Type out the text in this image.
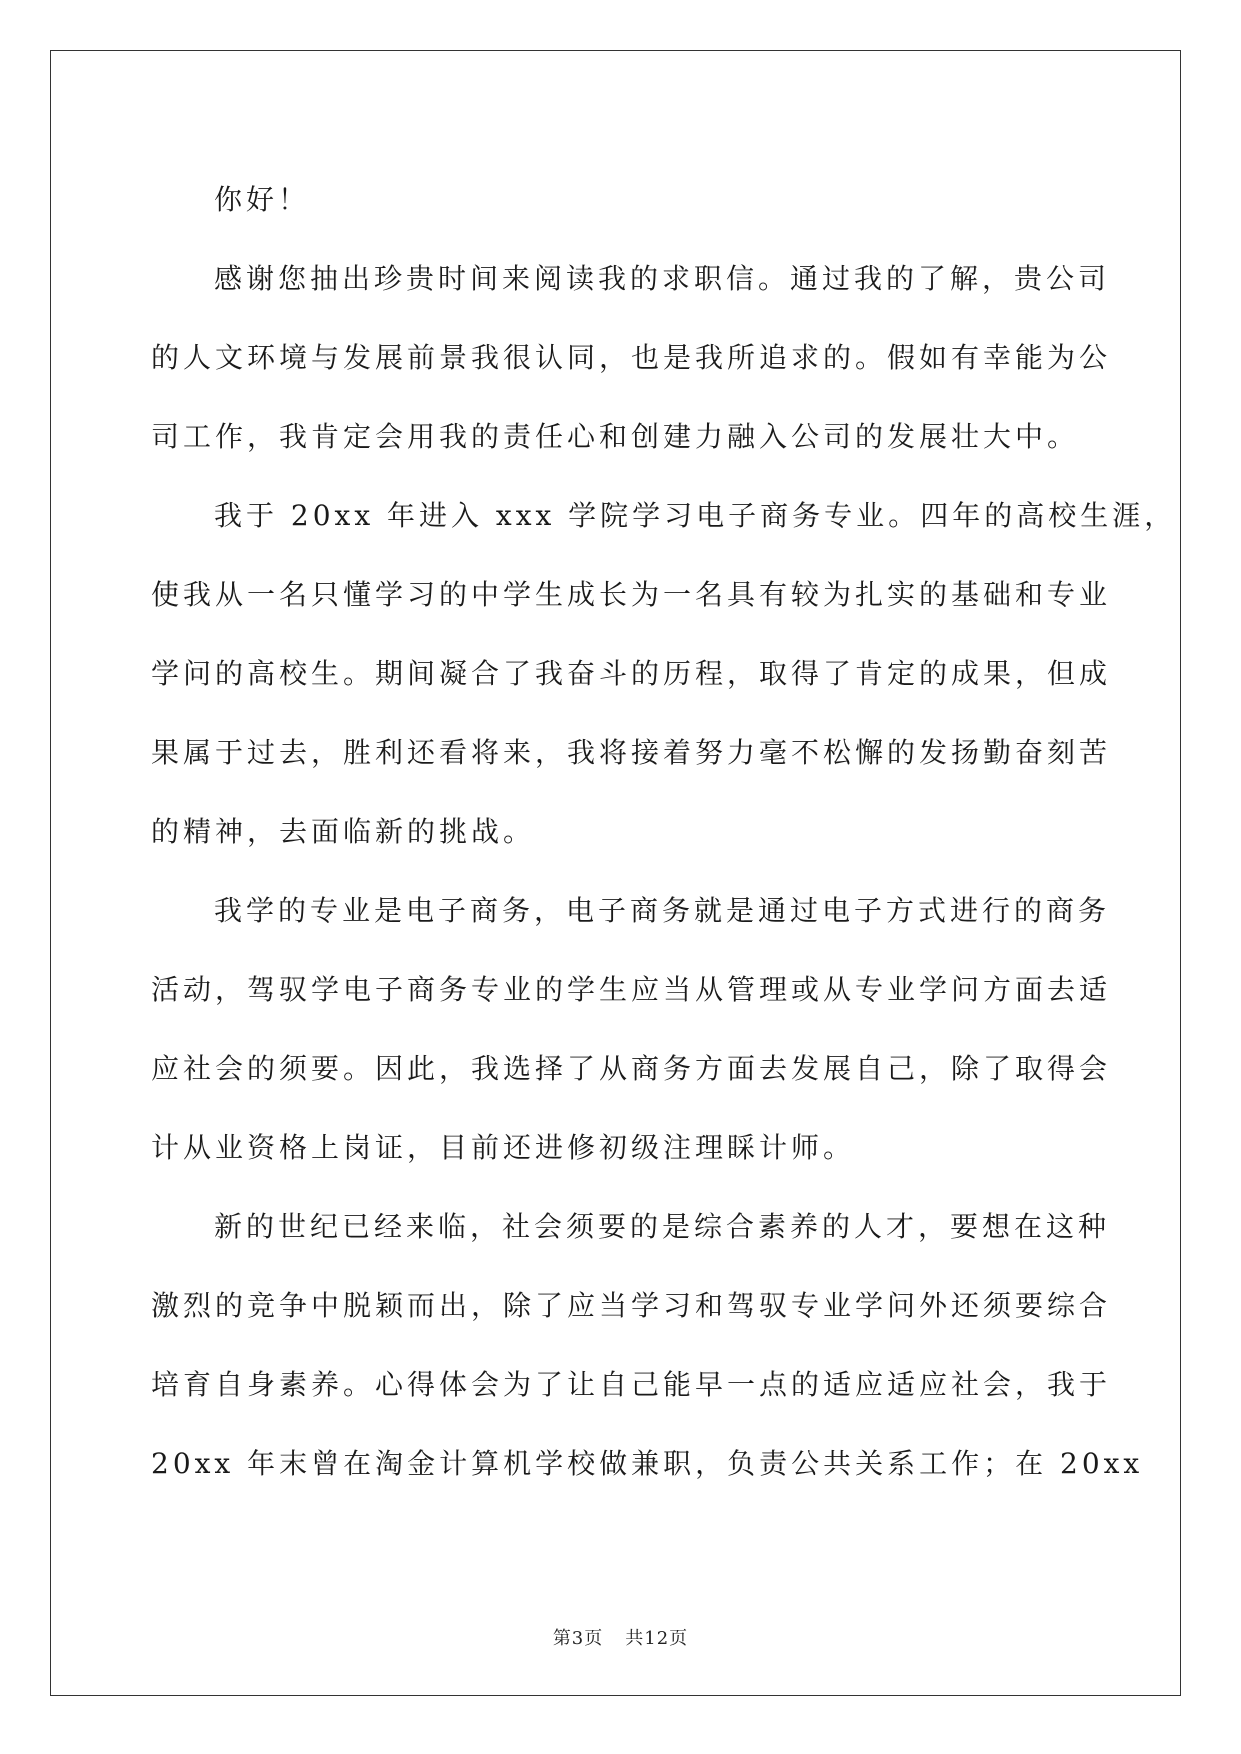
你好！
感谢您抽出珍贵时间来阅读我的求职信。通过我的了解，贵公司
的人文环境与发展前景我很认同，也是我所追求的。假如有幸能为公
司工作，我肯定会用我的责任心和创建力融入公司的发展壮大中。
我于 20xx 年进入 xxx 学院学习电子商务专业。四年的高校生涯，
使我从一名只懂学习的中学生成长为一名具有较为扎实的基础和专业
学问的高校生。期间凝合了我奋斗的历程，取得了肯定的成果，但成
果属于过去，胜利还看将来，我将接着努力毫不松懈的发扬勤奋刻苦
的精神，去面临新的挑战。
我学的专业是电子商务，电子商务就是通过电子方式进行的商务
活动，驾驭学电子商务专业的学生应当从管理或从专业学问方面去适
应社会的须要。因此，我选择了从商务方面去发展自己，除了取得会
计从业资格上岗证，目前还进修初级注理睬计师。
新的世纪已经来临，社会须要的是综合素养的人才，要想在这种
激烈的竞争中脱颖而出，除了应当学习和驾驭专业学问外还须要综合
培育自身素养。心得体会为了让自己能早一点的适应适应社会，我于
20xx 年末曾在淘金计算机学校做兼职，负责公共关系工作；在 20xx
第3页 共12页
